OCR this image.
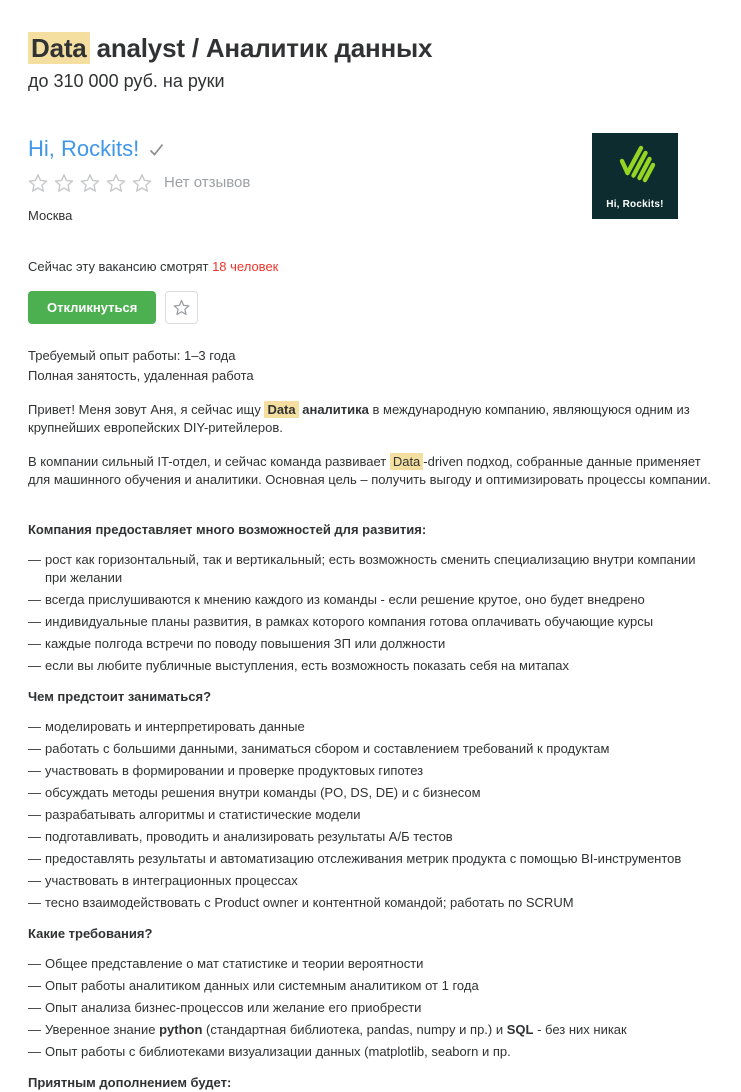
Data analyst / Аналитик данных
до 310 000 руб. на руки
Hi, Rockits!
Нет отзывов
Москва
Hi, Rockits!
Сейчас эту вакансию смотрят 18 человек
Откликнуться
Требуемый опыт работы: 1–3 года
Полная занятость, удаленная работа

Привет! Меня зовут Аня, я сейчас ищу Data аналитика в международную компанию, являющуюся одним из крупнейших европейских DIY-ритейлеров.

В компании сильный IT-отдел, и сейчас команда развивает Data -driven подход, собранные данные применяет для машинного обучения и аналитики. Основная цель – получить выгоду и оптимизировать процессы компании.

Компания предоставляет много возможностей для развития:
— рост как горизонтальный, так и вертикальный; есть возможность сменить специализацию внутри компании при желании
— всегда прислушиваются к мнению каждого из команды - если решение крутое, оно будет внедрено
— индивидуальные планы развития, в рамках которого компания готова оплачивать обучающие курсы
— каждые полгода встречи по поводу повышения ЗП или должности
— если вы любите публичные выступления, есть возможность показать себя на митапах
Чем предстоит заниматься?
— моделировать и интерпретировать данные
— работать с большими данными, заниматься сбором и составлением требований к продуктам
— участвовать в формировании и проверке продуктовых гипотез
— обсуждать методы решения внутри команды (PO, DS, DE) и с бизнесом
— разрабатывать алгоритмы и статистические модели
— подготавливать, проводить и анализировать результаты А/Б тестов
— предоставлять результаты и автоматизацию отслеживания метрик продукта с помощью BI-инструментов
— участвовать в интеграционных процессах
— тесно взаимодействовать с Product owner и контентной командой; работать по SCRUM
Какие требования?
— Общее представление о мат статистике и теории вероятности
— Опыт работы аналитиком данных или системным аналитиком от 1 года
— Опыт анализа бизнес-процессов или желание его приобрести
— Уверенное знание python (стандартная библиотека, pandas, numpy и пр.) и SQL - без них никак
— Опыт работы с библиотеками визуализации данных (matplotlib, seaborn и пр.
Приятным дополнением будет:
